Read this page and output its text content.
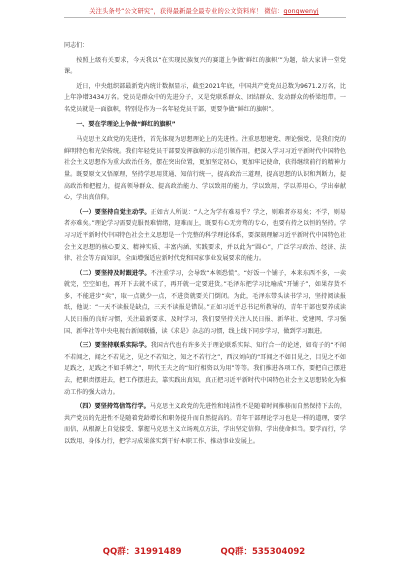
关注头条号“公文研究”，获得最新最全最专业的公文资料库！ 微信：gongwenyj

同志们：

按照上级有关要求，今天我以“在实现民族复兴的赛道上争做‘鲜红的旗帜’”为题，给大家讲一堂党课。

近日，中央组织部最新党内统计数据显示，截至2021年底，中国共产党党员总数为9671.2万名，比上年净增3434万名。党员是群众中的先进分子，又是党联系群众、团结群众、发动群众的桥梁纽带。一名党员就是一面旗帜，特别是作为一名年轻党员干部，更要争做“鲜红的旗帜”。

一、要在学理论上争做“鲜红的旗帜”

马克思主义政党的先进性，首先体现为思想理论上的先进性。注重思想建党、理论强党，是我们党的鲜明特色和光荣传统。我们年轻党员干部要发挥旗帜的示范引领作用，把深入学习习近平新时代中国特色社会主义思想作为重大政治任务，摆在突出位置，更加坚定初心，更加牢记使命，获得继续前行的精神力量。既要原文又悟原理，坚持学思用贯通、知信行统一，提高政治三道理，提高思想的认识和判断力，提高政治和把握力，提高领导群众、提高政治能力、学以致用的能力，学以致用，学以养用心，学出奉献心，学出真信仰。

（一）要坚持自觉主动学。正如古人所说：“人之为学有难易乎？学之，则难者亦易矣；不学，则易者亦难矣。”理论学习需要克服畏难情绪，迎难而上，既要有心无旁骛的专心，也要有持之以恒的坚持。学习习近平新时代中国特色社会主义思想是一个完整的科学理论体系，要深刻理解习近平新时代中国特色社会主义思想的核心要义、精神实质、丰富内涵、实践要求，并以此为“圆心”，广泛学习政治、经济、法律、社会等方面知识，全面增强适应新时代党和国家事业发展要求的能力。

（二）要坚持及时跟进学。不注重学习，会导致“本领恐慌”。“好饭一个铺子，本来东西不多，一卖就完，空空如也，再开下去就不成了，再开就一定要进货。”毛泽东把学习比喻成“开铺子”，如果存货不多，不能进步“卖”，取一点就少一点，不进货就要关门倒闭。为此，毛泽东带头读书学习，坚持阅读报纸，他说：“一天不读报是缺点，三天不读报是错误。”正如习近平总书记所教导的，青年干部也要养成读人民日报的良好习惯，关注最新要求、及时学习，我们要坚持关注人民日报、新华社、党建网、学习强国、新华社等中央电视台新闻联播，读《求是》杂志的习惯，线上线下同步学习，做到学习跟进。

（三）要坚持联系实际学。我国古代也有许多关于理论联系实际、知行合一的论述，如荀子的“不闻不若闻之，闻之不若见之，见之不若知之，知之不若行之”，西汉刘向的“耳闻之不如目见之，目见之不如足践之，足践之不如手辨之”，明代王夫之的“知行相资以为用”等等。我们推进各项工作，要把自己摆进去，把职责摆进去，把工作摆进去，靠实践出真知，真正把习近平新时代中国特色社会主义思想转化为推动工作的强大动力。

（四）要坚持笃信笃行学。马克思主义政党的先进性和纯洁性不是随着时间推移而自然保持下去的，共产党员的先进性不是随着党龄增长和职务提升而自然提高的。青年干部理论学习也是一样的道理，要学而信，从根源上自觉接受、掌握马克思主义立场观点方法，学出坚定信仰、学出使命担当。要学而行，学以致用、身体力行，把学习成果落实到干好本职工作、推动事业发展上。

QQ群：31991489	QQ群：535304092
